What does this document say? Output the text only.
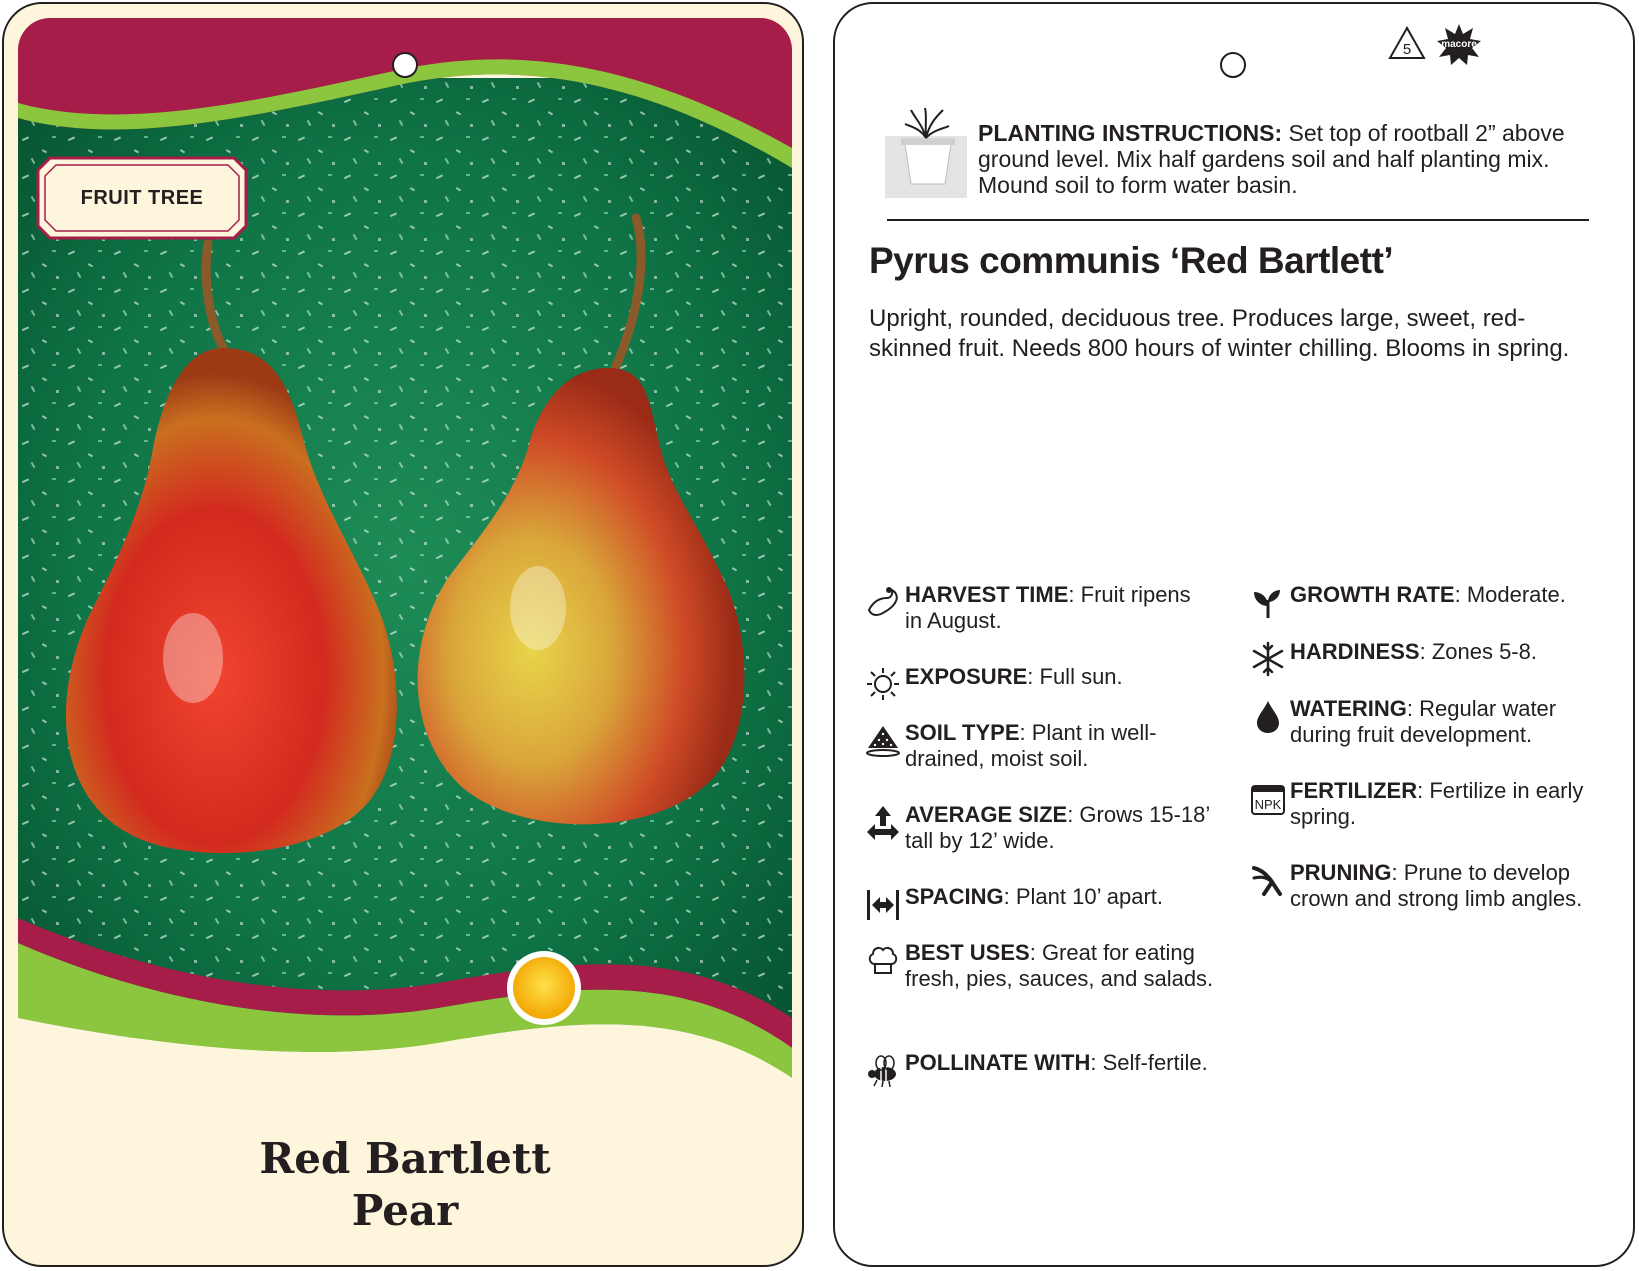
FRUIT TREE
Red Bartlett
Pear
5	macore
PLANTING INSTRUCTIONS: Set top of rootball 2” above ground level. Mix half gardens soil and half planting mix. Mound soil to form water basin.
Pyrus communis ‘Red Bartlett’
Upright, rounded, deciduous tree. Produces large, sweet, red-skinned fruit. Needs 800 hours of winter chilling. Blooms in spring.
HARVEST TIME: Fruit ripens in August.
EXPOSURE: Full sun.
SOIL TYPE: Plant in well-drained, moist soil.
AVERAGE SIZE: Grows 15-18’ tall by 12’ wide.
SPACING: Plant 10’ apart.
BEST USES: Great for eating fresh, pies, sauces, and salads.
POLLINATE WITH: Self-fertile.
GROWTH RATE: Moderate.
HARDINESS: Zones 5-8.
WATERING: Regular water during fruit development.
NPK
FERTILIZER: Fertilize in early spring.
PRUNING: Prune to develop crown and strong limb angles.
